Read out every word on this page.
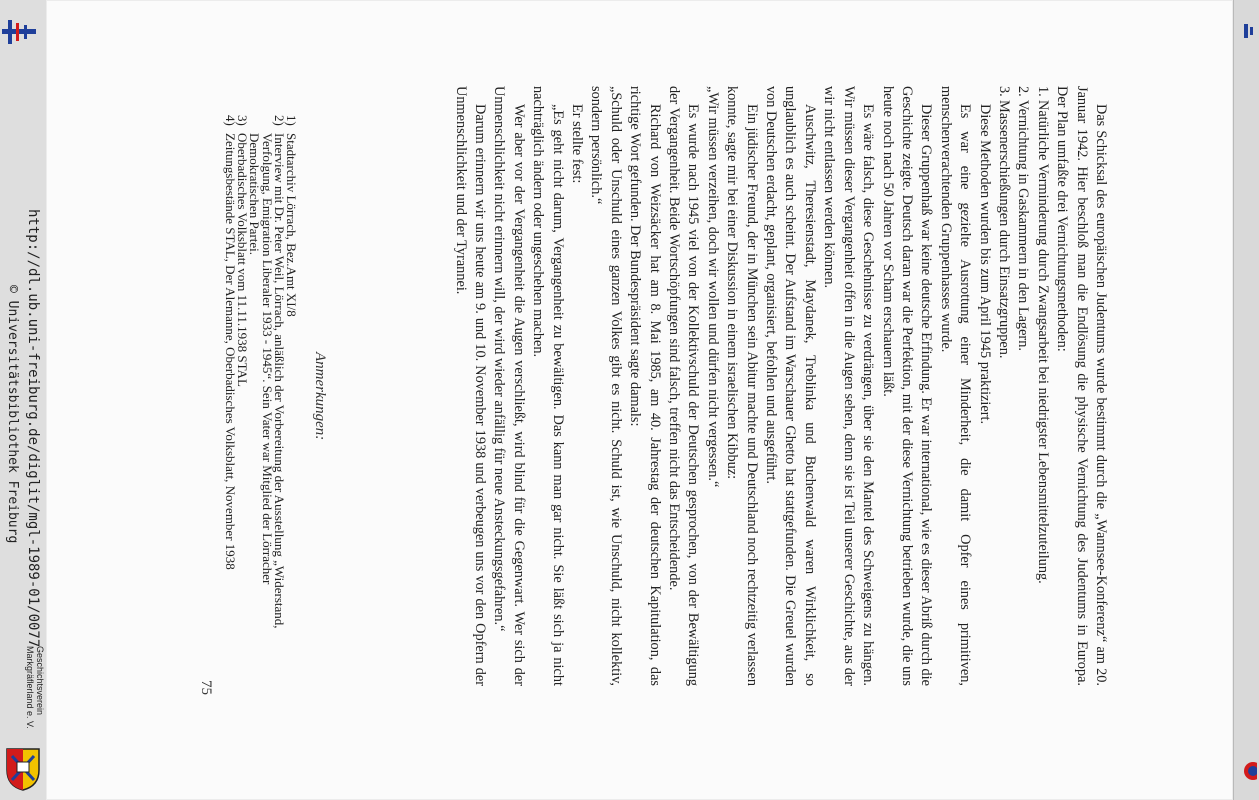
http://dl.ub.uni-freiburg.de/diglit/mgl-1989-01/0077
© Universitätsbibliothek Freiburg
Geschichtsverein
Markgräflerland e. V.

Das Schicksal des europäischen Judentums wurde bestimmt durch die „Wannsee-Konferenz“ am 20. Januar 1942. Hier beschloß man die Endlösung die physische Vernichtung des Judentums in Europa. Der Plan umfaßte drei Vernichtungsmethoden:

1.
Natürliche Verminderung durch Zwangsarbeit bei niedrigster Lebensmittelzuteilung.
2.
Vernichtung in Gaskammern in den Lagern.
3.
Massenerschießungen durch Einsatzgruppen.

Diese Methoden wurden bis zum April 1945 praktiziert.

Es war eine gezielte Ausrottung einer Minderheit, die damit Opfer eines primitiven, menschenverachtenden Gruppenhasses wurde.

Dieser Gruppenhaß war keine deutsche Erfindung. Er war international, wie es dieser Abriß durch die Geschichte zeigte. Deutsch daran war die Perfektion, mit der diese Vernichtung betrieben wurde, die uns heute noch nach 50 Jahren vor Scham erschauern läßt.

Es wäre falsch, diese Geschehnisse zu verdrängen, über sie den Mantel des Schweigens zu hängen. Wir müssen dieser Vergangenheit offen in die Augen sehen, denn sie ist Teil unserer Geschichte, aus der wir nicht entlassen werden können.

Auschwitz, Theresienstadt, Maydanek, Treblinka und Buchenwald waren Wirklichkeit, so unglaublich es auch scheint. Der Aufstand im Warschauer Ghetto hat stattgefunden. Die Greuel wurden von Deutschen erdacht, geplant, organisiert, befohlen und ausgeführt.

Ein jüdischer Freund, der in München sein Abitur machte und Deutschland noch rechtzeitig verlassen konnte, sagte mir bei einer Diskussion in einem israelischen Kibbuz:

„Wir müssen verzeihen, doch wir wollen und dürfen nicht vergessen.“

Es wurde nach 1945 viel von der Kollektivschuld der Deutschen gesprochen, von der Bewältigung der Vergangenheit. Beide Wortschöpfungen sind falsch, treffen nicht das Entscheidende.

Richard von Weizsäcker hat am 8. Mai 1985, am 40. Jahrestag der deutschen Kapitulation, das richtige Wort gefunden. Der Bundespräsident sagte damals:

„Schuld oder Unschuld eines ganzen Volkes gibt es nicht. Schuld ist, wie Unschuld, nicht kollektiv, sondern persönlich.“

Er stellte fest:

„Es geht nicht darum, Vergangenheit zu bewältigen. Das kann man gar nicht. Sie läßt sich ja nicht nachträglich ändern oder ungeschehen machen.

Wer aber vor der Vergangenheit die Augen verschließt, wird blind für die Gegenwart. Wer sich der Unmenschlichkeit nicht erinnern will, der wird wieder anfällig für neue Ansteckungsgefahren.“

Darum erinnern wir uns heute am 9. und 10. November 1938 und verbeugen uns vor den Opfern der Unmenschlichkeit und der Tyrannei.

Anmerkungen:
1)
Stadtarchiv Lörrach, Bez.Amt XI/8
2)
Interview mit Dr. Peter Weil, Lörrach, anläßlich der Vorbereitung der Ausstellung „Widerstand, Verfolgung, Emigration Liberaler 1933 - 1945“. Sein Vater war Mitglied der Lörracher Demokratischen Partei.
3)
Oberbadisches Volksblatt vom 11.11.1938 STAL
4)
Zeitungsbestände STAL, Der Alemanne, Oberbadisches Volksblatt, November 1938
75
